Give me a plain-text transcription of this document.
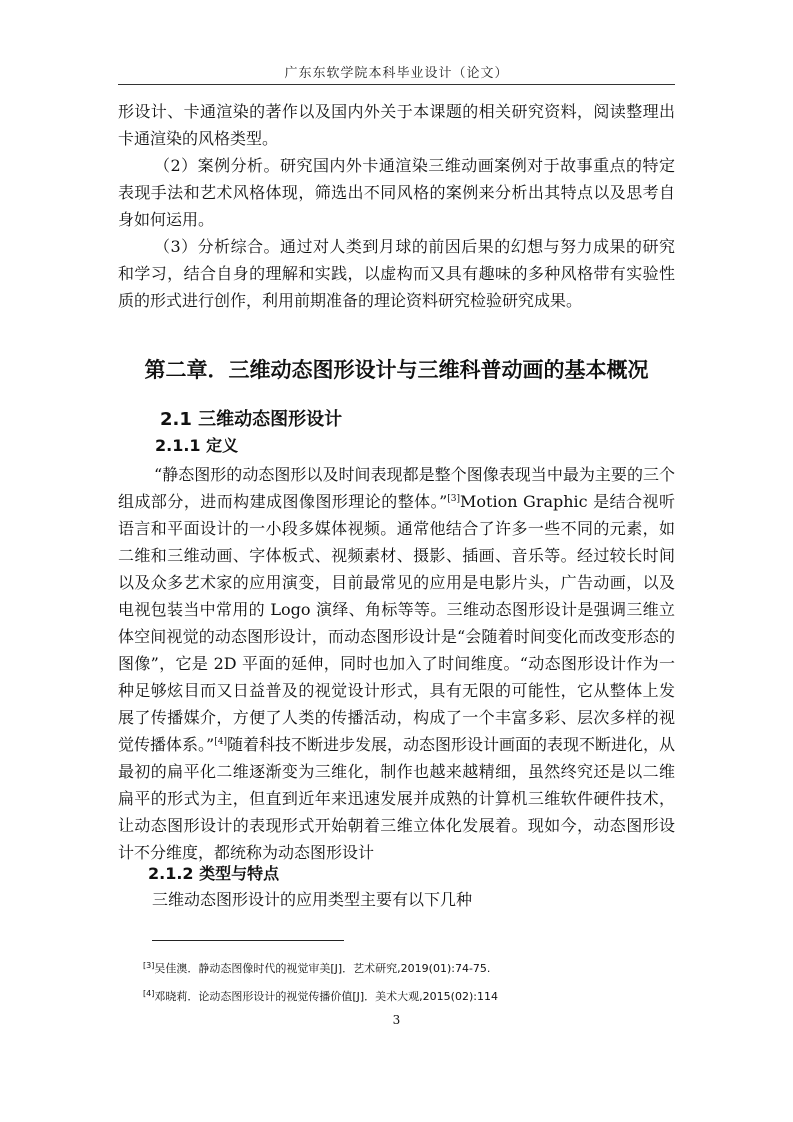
广东东软学院本科毕业设计（论文）

形设计、卡通渲染的著作以及国内外关于本课题的相关研究资料，阅读整理出卡通渲染的风格类型。

（2）案例分析。研究国内外卡通渲染三维动画案例对于故事重点的特定表现手法和艺术风格体现，筛选出不同风格的案例来分析出其特点以及思考自身如何运用。

（3）分析综合。通过对人类到月球的前因后果的幻想与努力成果的研究和学习，结合自身的理解和实践，以虚构而又具有趣味的多种风格带有实验性质的形式进行创作，利用前期准备的理论资料研究检验研究成果。

第二章．三维动态图形设计与三维科普动画的基本概况
2.1 三维动态图形设计
2.1.1 定义

“静态图形的动态图形以及时间表现都是整个图像表现当中最为主要的三个组成部分，进而构建成图像图形理论的整体。”[3]Motion Graphic 是结合视听语言和平面设计的一小段多媒体视频。通常他结合了许多一些不同的元素，如二维和三维动画、字体板式、视频素材、摄影、插画、音乐等。经过较长时间以及众多艺术家的应用演变，目前最常见的应用是电影片头，广告动画，以及电视包装当中常用的 Logo 演绎、角标等等。三维动态图形设计是强调三维立体空间视觉的动态图形设计，而动态图形设计是“会随着时间变化而改变形态的图像”，它是 2D 平面的延伸，同时也加入了时间维度。“动态图形设计作为一种足够炫目而又日益普及的视觉设计形式，具有无限的可能性，它从整体上发展了传播媒介，方便了人类的传播活动，构成了一个丰富多彩、层次多样的视觉传播体系。”[4]随着科技不断进步发展，动态图形设计画面的表现不断进化，从最初的扁平化二维逐渐变为三维化，制作也越来越精细，虽然终究还是以二维扁平的形式为主，但直到近年来迅速发展并成熟的计算机三维软件硬件技术，让动态图形设计的表现形式开始朝着三维立体化发展着。现如今，动态图形设计不分维度，都统称为动态图形设计

2.1.2 类型与特点

三维动态图形设计的应用类型主要有以下几种

[3]吴佳澳．静动态图像时代的视觉审美[J]．艺术研究,2019(01):74-75.

[4]邓晓莉．论动态图形设计的视觉传播价值[J]．美术大观,2015(02):114

3
